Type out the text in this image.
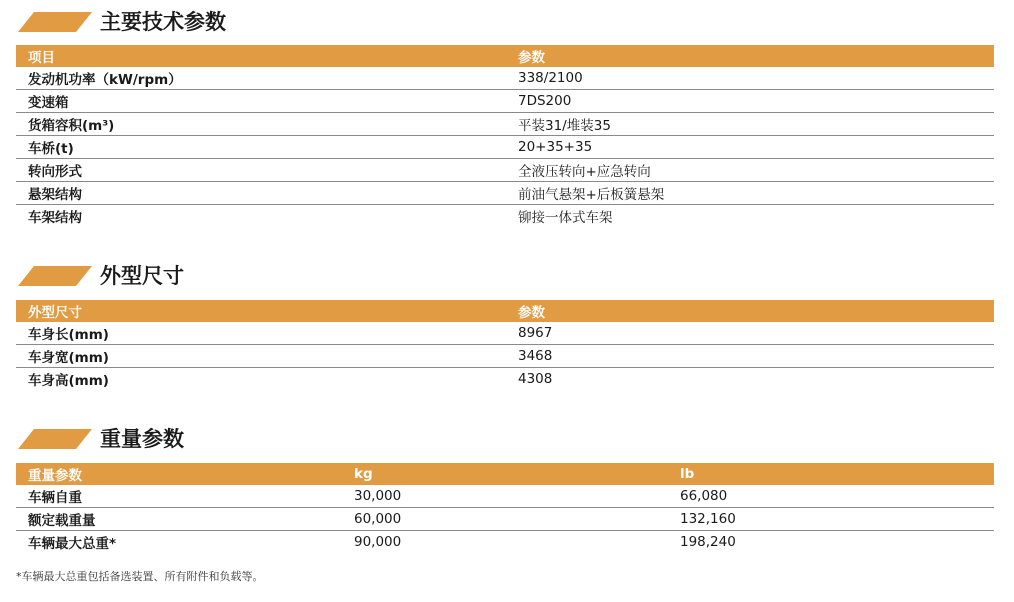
主要技术参数
项目	参数
发动机功率（kW/rpm）	338/2100
变速箱	7DS200
货箱容积(m³)	平装31/堆装35
车桥(t)	20+35+35
转向形式	全液压转向+应急转向
悬架结构	前油气悬架+后板簧悬架
车架结构	铆接一体式车架
外型尺寸
外型尺寸	参数
车身长(mm)	8967
车身宽(mm)	3468
车身高(mm)	4308
重量参数
重量参数	kg	lb
车辆自重	30,000	66,080
额定载重量	60,000	132,160
车辆最大总重*	90,000	198,240
*车辆最大总重包括备选装置、所有附件和负载等。
